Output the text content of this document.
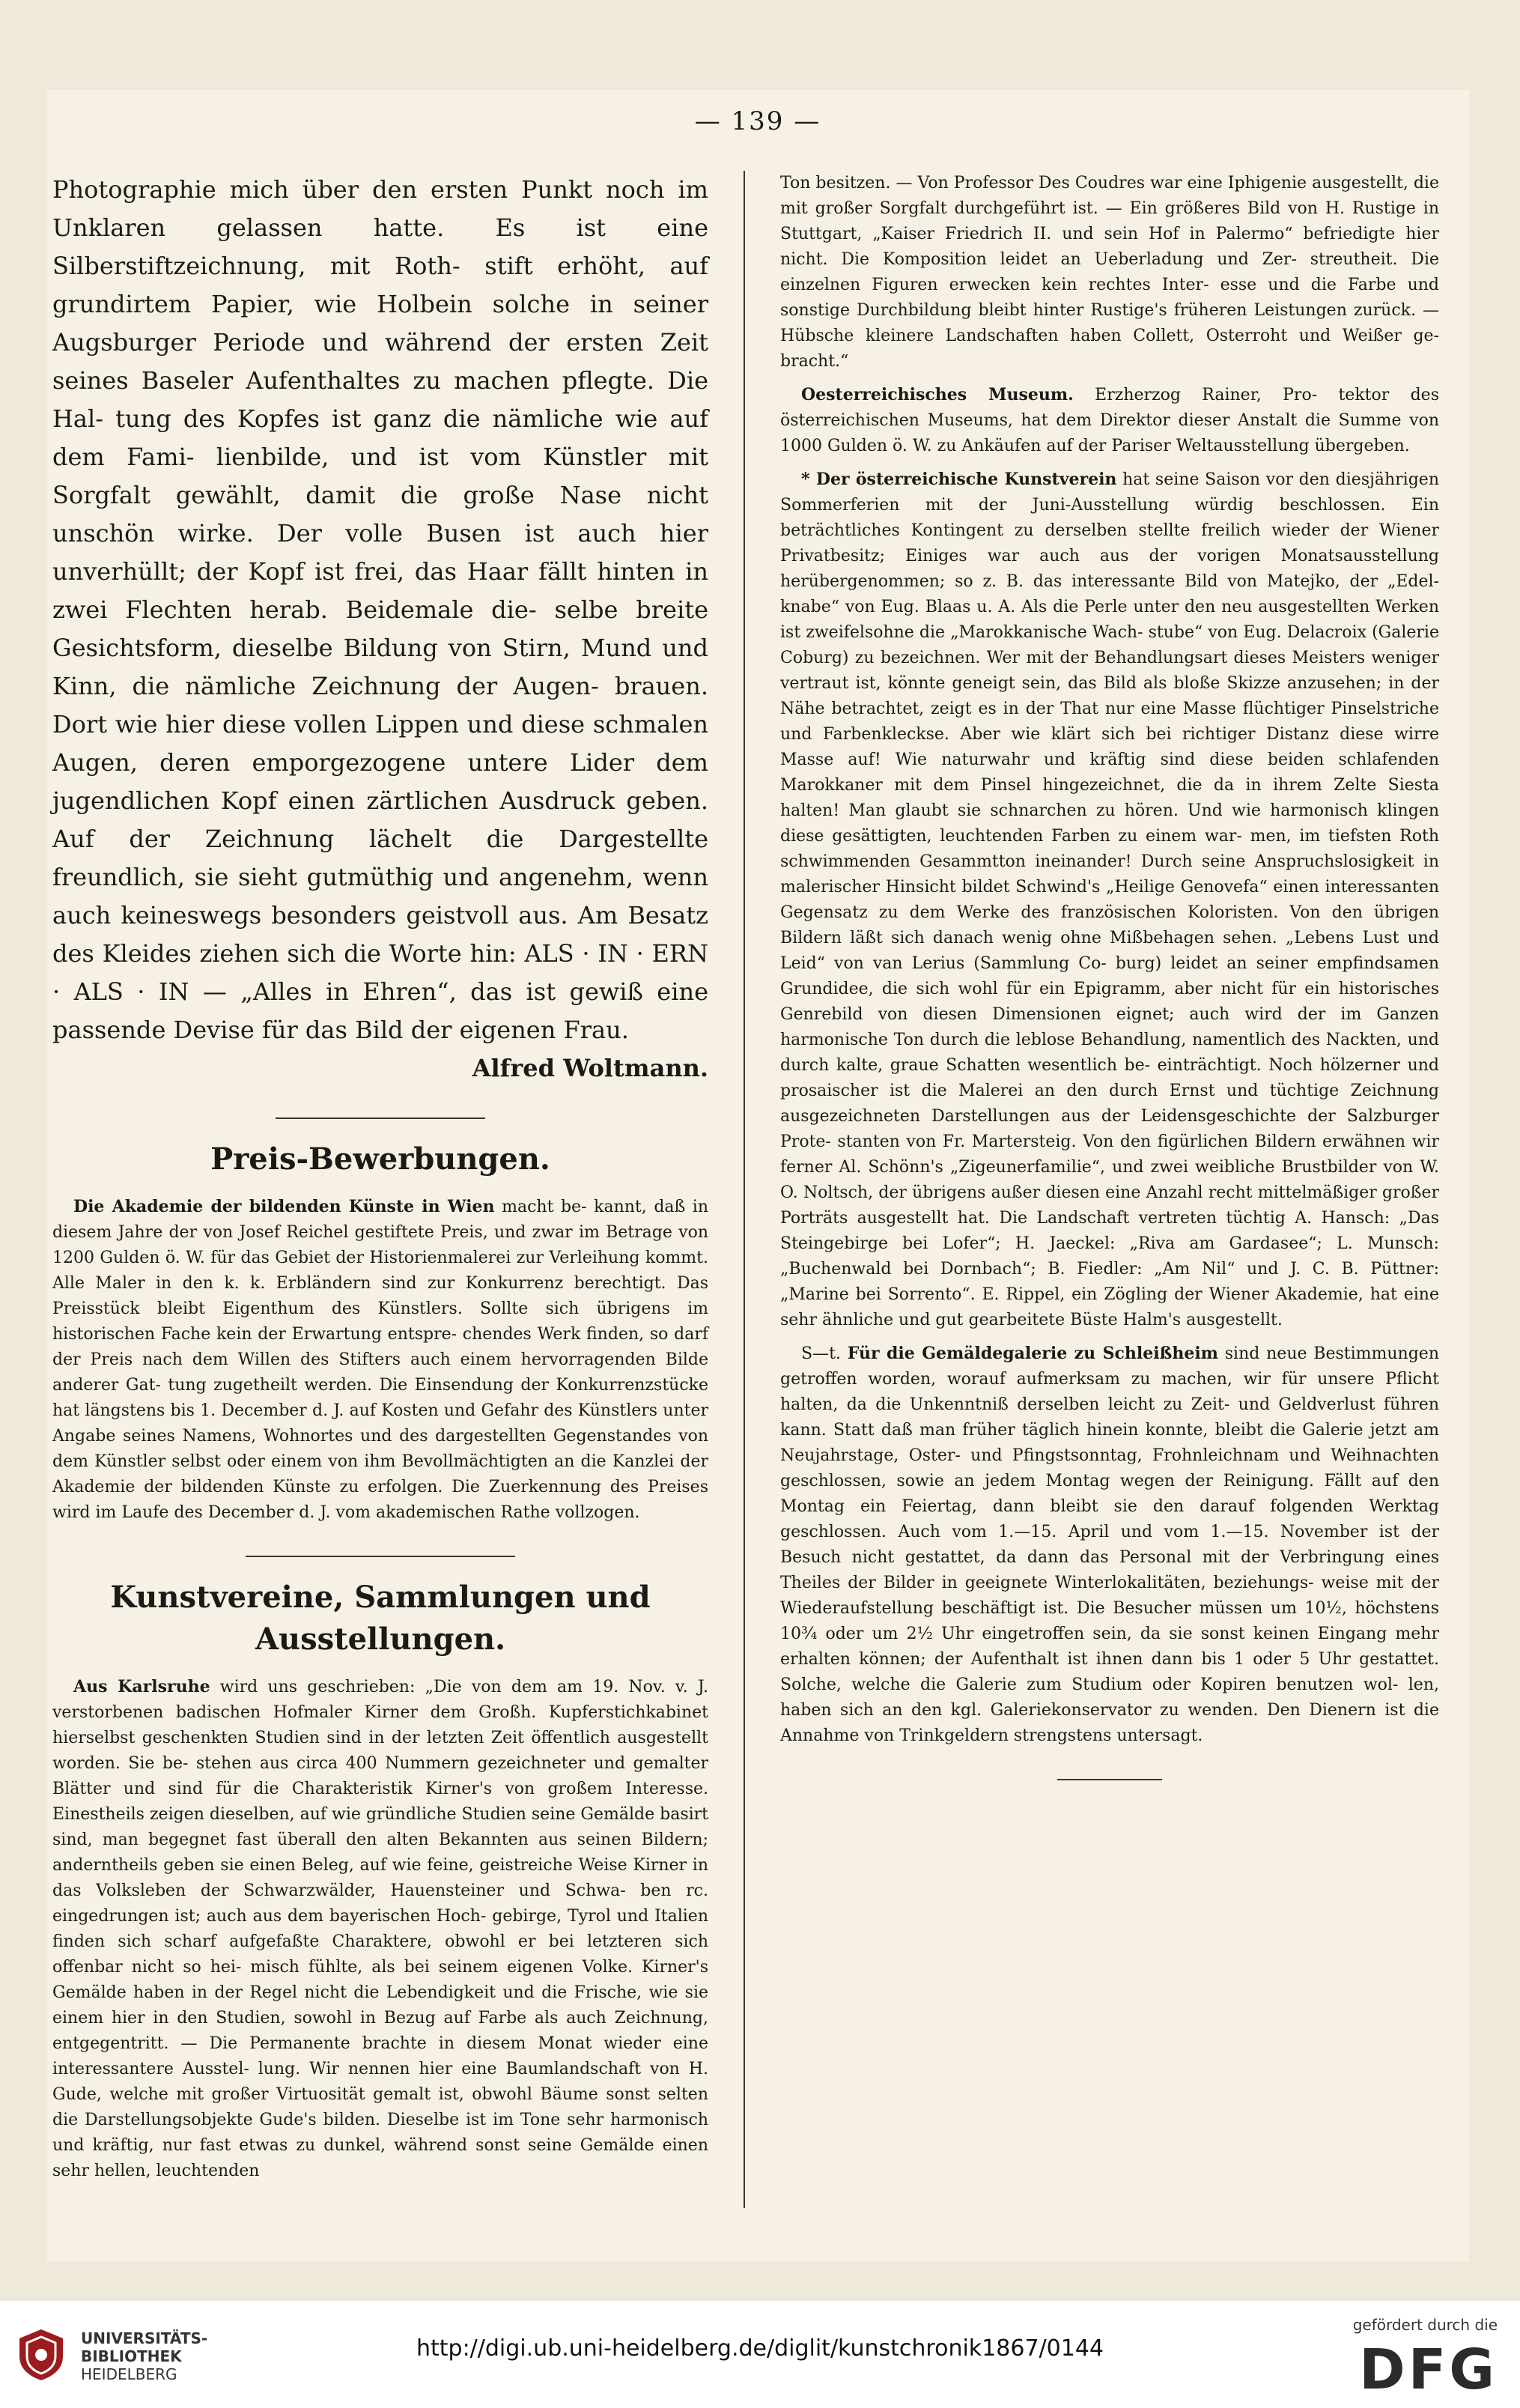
— 139 —

Photographie mich über den ersten Punkt noch im Unklaren gelassen hatte. Es ist eine Silberstiftzeichnung, mit Roth- stift erhöht, auf grundirtem Papier, wie Holbein solche in seiner Augsburger Periode und während der ersten Zeit seines Baseler Aufenthaltes zu machen pflegte. Die Hal- tung des Kopfes ist ganz die nämliche wie auf dem Fami- lienbilde, und ist vom Künstler mit Sorgfalt gewählt, damit die große Nase nicht unschön wirke. Der volle Busen ist auch hier unverhüllt; der Kopf ist frei, das Haar fällt hinten in zwei Flechten herab. Beidemale die- selbe breite Gesichtsform, dieselbe Bildung von Stirn, Mund und Kinn, die nämliche Zeichnung der Augen- brauen. Dort wie hier diese vollen Lippen und diese schmalen Augen, deren emporgezogene untere Lider dem jugendlichen Kopf einen zärtlichen Ausdruck geben. Auf der Zeichnung lächelt die Dargestellte freundlich, sie sieht gutmüthig und angenehm, wenn auch keineswegs besonders geistvoll aus. Am Besatz des Kleides ziehen sich die Worte hin: ALS · IN · ERN · ALS · IN — „Alles in Ehren“, das ist gewiß eine passende Devise für das Bild der eigenen Frau.

Alfred Woltmann.

Preis-Bewerbungen.

Die Akademie der bildenden Künste in Wien macht be- kannt, daß in diesem Jahre der von Josef Reichel gestiftete Preis, und zwar im Betrage von 1200 Gulden ö. W. für das Gebiet der Historienmalerei zur Verleihung kommt. Alle Maler in den k. k. Erbländern sind zur Konkurrenz berechtigt. Das Preisstück bleibt Eigenthum des Künstlers. Sollte sich übrigens im historischen Fache kein der Erwartung entspre- chendes Werk finden, so darf der Preis nach dem Willen des Stifters auch einem hervorragenden Bilde anderer Gat- tung zugetheilt werden. Die Einsendung der Konkurrenzstücke hat längstens bis 1. December d. J. auf Kosten und Gefahr des Künstlers unter Angabe seines Namens, Wohnortes und des dargestellten Gegenstandes von dem Künstler selbst oder einem von ihm Bevollmächtigten an die Kanzlei der Akademie der bildenden Künste zu erfolgen. Die Zuerkennung des Preises wird im Laufe des December d. J. vom akademischen Rathe vollzogen.

Kunstvereine, Sammlungen und Ausstellungen.

Aus Karlsruhe wird uns geschrieben: „Die von dem am 19. Nov. v. J. verstorbenen badischen Hofmaler Kirner dem Großh. Kupferstichkabinet hierselbst geschenkten Studien sind in der letzten Zeit öffentlich ausgestellt worden. Sie be- stehen aus circa 400 Nummern gezeichneter und gemalter Blätter und sind für die Charakteristik Kirner's von großem Interesse. Einestheils zeigen dieselben, auf wie gründliche Studien seine Gemälde basirt sind, man begegnet fast überall den alten Bekannten aus seinen Bildern; anderntheils geben sie einen Beleg, auf wie feine, geistreiche Weise Kirner in das Volksleben der Schwarzwälder, Hauensteiner und Schwa- ben rc. eingedrungen ist; auch aus dem bayerischen Hoch- gebirge, Tyrol und Italien finden sich scharf aufgefaßte Charaktere, obwohl er bei letzteren sich offenbar nicht so hei- misch fühlte, als bei seinem eigenen Volke. Kirner's Gemälde haben in der Regel nicht die Lebendigkeit und die Frische, wie sie einem hier in den Studien, sowohl in Bezug auf Farbe als auch Zeichnung, entgegentritt. — Die Permanente brachte in diesem Monat wieder eine interessantere Ausstel- lung. Wir nennen hier eine Baumlandschaft von H. Gude, welche mit großer Virtuosität gemalt ist, obwohl Bäume sonst selten die Darstellungsobjekte Gude's bilden. Dieselbe ist im Tone sehr harmonisch und kräftig, nur fast etwas zu dunkel, während sonst seine Gemälde einen sehr hellen, leuchtenden

Ton besitzen. — Von Professor Des Coudres war eine Iphigenie ausgestellt, die mit großer Sorgfalt durchgeführt ist. — Ein größeres Bild von H. Rustige in Stuttgart, „Kaiser Friedrich II. und sein Hof in Palermo“ befriedigte hier nicht. Die Komposition leidet an Ueberladung und Zer- streutheit. Die einzelnen Figuren erwecken kein rechtes Inter- esse und die Farbe und sonstige Durchbildung bleibt hinter Rustige's früheren Leistungen zurück. — Hübsche kleinere Landschaften haben Collett, Osterroht und Weißer ge- bracht.“

Oesterreichisches Museum. Erzherzog Rainer, Pro- tektor des österreichischen Museums, hat dem Direktor dieser Anstalt die Summe von 1000 Gulden ö. W. zu Ankäufen auf der Pariser Weltausstellung übergeben.

* Der österreichische Kunstverein hat seine Saison vor den diesjährigen Sommerferien mit der Juni-Ausstellung würdig beschlossen. Ein beträchtliches Kontingent zu derselben stellte freilich wieder der Wiener Privatbesitz; Einiges war auch aus der vorigen Monatsausstellung herübergenommen; so z. B. das interessante Bild von Matejko, der „Edel- knabe“ von Eug. Blaas u. A. Als die Perle unter den neu ausgestellten Werken ist zweifelsohne die „Marokkanische Wach- stube“ von Eug. Delacroix (Galerie Coburg) zu bezeichnen. Wer mit der Behandlungsart dieses Meisters weniger vertraut ist, könnte geneigt sein, das Bild als bloße Skizze anzusehen; in der Nähe betrachtet, zeigt es in der That nur eine Masse flüchtiger Pinselstriche und Farbenkleckse. Aber wie klärt sich bei richtiger Distanz diese wirre Masse auf! Wie naturwahr und kräftig sind diese beiden schlafenden Marokkaner mit dem Pinsel hingezeichnet, die da in ihrem Zelte Siesta halten! Man glaubt sie schnarchen zu hören. Und wie harmonisch klingen diese gesättigten, leuchtenden Farben zu einem war- men, im tiefsten Roth schwimmenden Gesammtton ineinander! Durch seine Anspruchslosigkeit in malerischer Hinsicht bildet Schwind's „Heilige Genovefa“ einen interessanten Gegensatz zu dem Werke des französischen Koloristen. Von den übrigen Bildern läßt sich danach wenig ohne Mißbehagen sehen. „Lebens Lust und Leid“ von van Lerius (Sammlung Co- burg) leidet an seiner empfindsamen Grundidee, die sich wohl für ein Epigramm, aber nicht für ein historisches Genrebild von diesen Dimensionen eignet; auch wird der im Ganzen harmonische Ton durch die leblose Behandlung, namentlich des Nackten, und durch kalte, graue Schatten wesentlich be- einträchtigt. Noch hölzerner und prosaischer ist die Malerei an den durch Ernst und tüchtige Zeichnung ausgezeichneten Darstellungen aus der Leidensgeschichte der Salzburger Prote- stanten von Fr. Martersteig. Von den figürlichen Bildern erwähnen wir ferner Al. Schönn's „Zigeunerfamilie“, und zwei weibliche Brustbilder von W. O. Noltsch, der übrigens außer diesen eine Anzahl recht mittelmäßiger großer Porträts ausgestellt hat. Die Landschaft vertreten tüchtig A. Hansch: „Das Steingebirge bei Lofer“; H. Jaeckel: „Riva am Gardasee“; L. Munsch: „Buchenwald bei Dornbach“; B. Fiedler: „Am Nil“ und J. C. B. Püttner: „Marine bei Sorrento“. E. Rippel, ein Zögling der Wiener Akademie, hat eine sehr ähnliche und gut gearbeitete Büste Halm's ausgestellt.

S—t. Für die Gemäldegalerie zu Schleißheim sind neue Bestimmungen getroffen worden, worauf aufmerksam zu machen, wir für unsere Pflicht halten, da die Unkenntniß derselben leicht zu Zeit- und Geldverlust führen kann. Statt daß man früher täglich hinein konnte, bleibt die Galerie jetzt am Neujahrstage, Oster- und Pfingstsonntag, Frohnleichnam und Weihnachten geschlossen, sowie an jedem Montag wegen der Reinigung. Fällt auf den Montag ein Feiertag, dann bleibt sie den darauf folgenden Werktag geschlossen. Auch vom 1.—15. April und vom 1.—15. November ist der Besuch nicht gestattet, da dann das Personal mit der Verbringung eines Theiles der Bilder in geeignete Winterlokalitäten, beziehungs- weise mit der Wiederaufstellung beschäftigt ist. Die Besucher müssen um 10½, höchstens 10¾ oder um 2½ Uhr eingetroffen sein, da sie sonst keinen Eingang mehr erhalten können; der Aufenthalt ist ihnen dann bis 1 oder 5 Uhr gestattet. Solche, welche die Galerie zum Studium oder Kopiren benutzen wol- len, haben sich an den kgl. Galeriekonservator zu wenden. Den Dienern ist die Annahme von Trinkgeldern strengstens untersagt.

UNIVERSITÄTS-
BIBLIOTHEK
HEIDELBERG
http://digi.ub.uni-heidelberg.de/diglit/kunstchronik1867/0144
gefördert durch die
DFG
